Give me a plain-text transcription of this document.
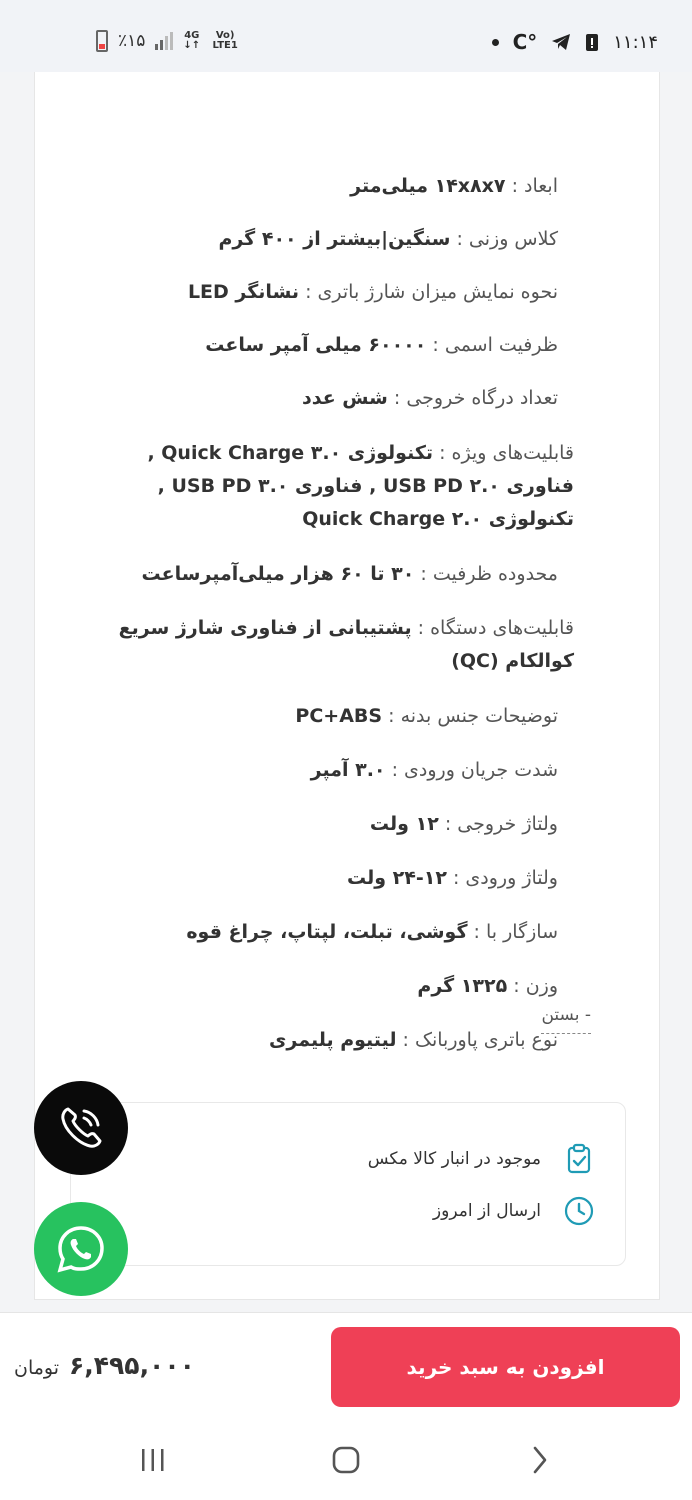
٪۱۵	4G
↓↑
Vo) LTE1	C°	۱۱:۱۴
ابعاد : ۱۴x۸x۷ میلی‌متر
کلاس وزنی : سنگین|بیشتر از ۴۰۰ گرم
نحوه نمایش میزان شارژ باتری : نشانگر LED
ظرفیت اسمی : ۶۰۰۰۰ میلی آمپر ساعت
تعداد درگاه خروجی : شش عدد
قابلیت‌های ویژه : تکنولوژی Quick Charge ۳.۰ , فناوری USB PD ۲.۰ , فناوری USB PD ۳.۰ , تکنولوژی Quick Charge ۲.۰
محدوده ظرفیت : ۳۰ تا ۶۰ هزار میلی‌آمپرساعت
قابلیت‌های دستگاه : پشتیبانی از فناوری شارژ سریع کوالکام (QC)
توضیحات جنس بدنه : PC+ABS
شدت جریان ورودی : ۳.۰ آمپر
ولتاژ خروجی : ۱۲ ولت
ولتاژ ورودی : ۱۲-۲۴ ولت
سازگار با : گوشی، تبلت، لپتاپ، چراغ قوه
وزن : ۱۳۲۵ گرم
نوع باتری پاوربانک : لیتیوم پلیمری
- بستن
موجود در انبار کالا مکس
ارسال از امروز
تومان ۶,۴۹۵,۰۰۰	افزودن به سبد خرید
